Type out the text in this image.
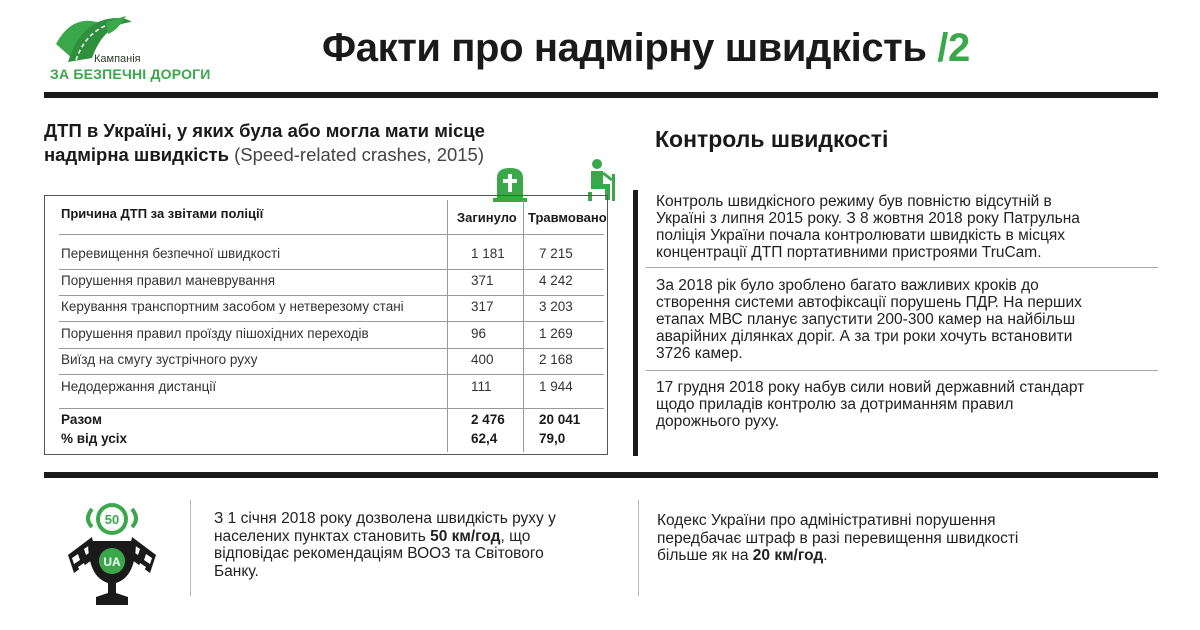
Кампанія
ЗА БЕЗПЕЧНІ ДОРОГИ
Факти про надмірну швидкість /2
ДТП в Україні, у яких була або могла мати місце
надмірна швидкість (Speed-related crashes, 2015)
Причина ДТП за звітами поліції	Загинуло Травмовано
Перевищення безпечної швидкості	1 181	7 215
Порушення правил маневрування	371	4 242
Керування транспортним засобом у нетверезому стані	317	3 203
Порушення правил проїзду пішохідних переходів	96	1 269
Виїзд на смугу зустрічного руху	400	2 168
Недодержання дистанції	111	1 944
Разом	2 476	20 041
% від усіх	62,4	79,0
Контроль швидкості
Контроль швидкісного режиму був повністю відсутній в
Україні з липня 2015 року. З 8 жовтня 2018 року Патрульна
поліція України почала контролювати швидкість в місцях
концентрації ДТП портативними пристроями TruCam.
За 2018 рік було зроблено багато важливих кроків до
створення системи автофіксації порушень ПДР. На перших
етапах МВС планує запустити 200-300 камер на найбільш
аварійних ділянках доріг. А за три роки хочуть встановити
3726 камер.
17 грудня 2018 року набув сили новий державний стандарт
щодо приладів контролю за дотриманням правил
дорожнього руху.
UA
50	З 1 січня 2018 року дозволена швидкість руху у
населених пунктах становить 50 км/год, що
відповідає рекомендаціям ВООЗ та Світового
Банку.
Кодекс України про адміністративні порушення
передбачає штраф в разі перевищення швидкості
більше як на 20 км/год.
